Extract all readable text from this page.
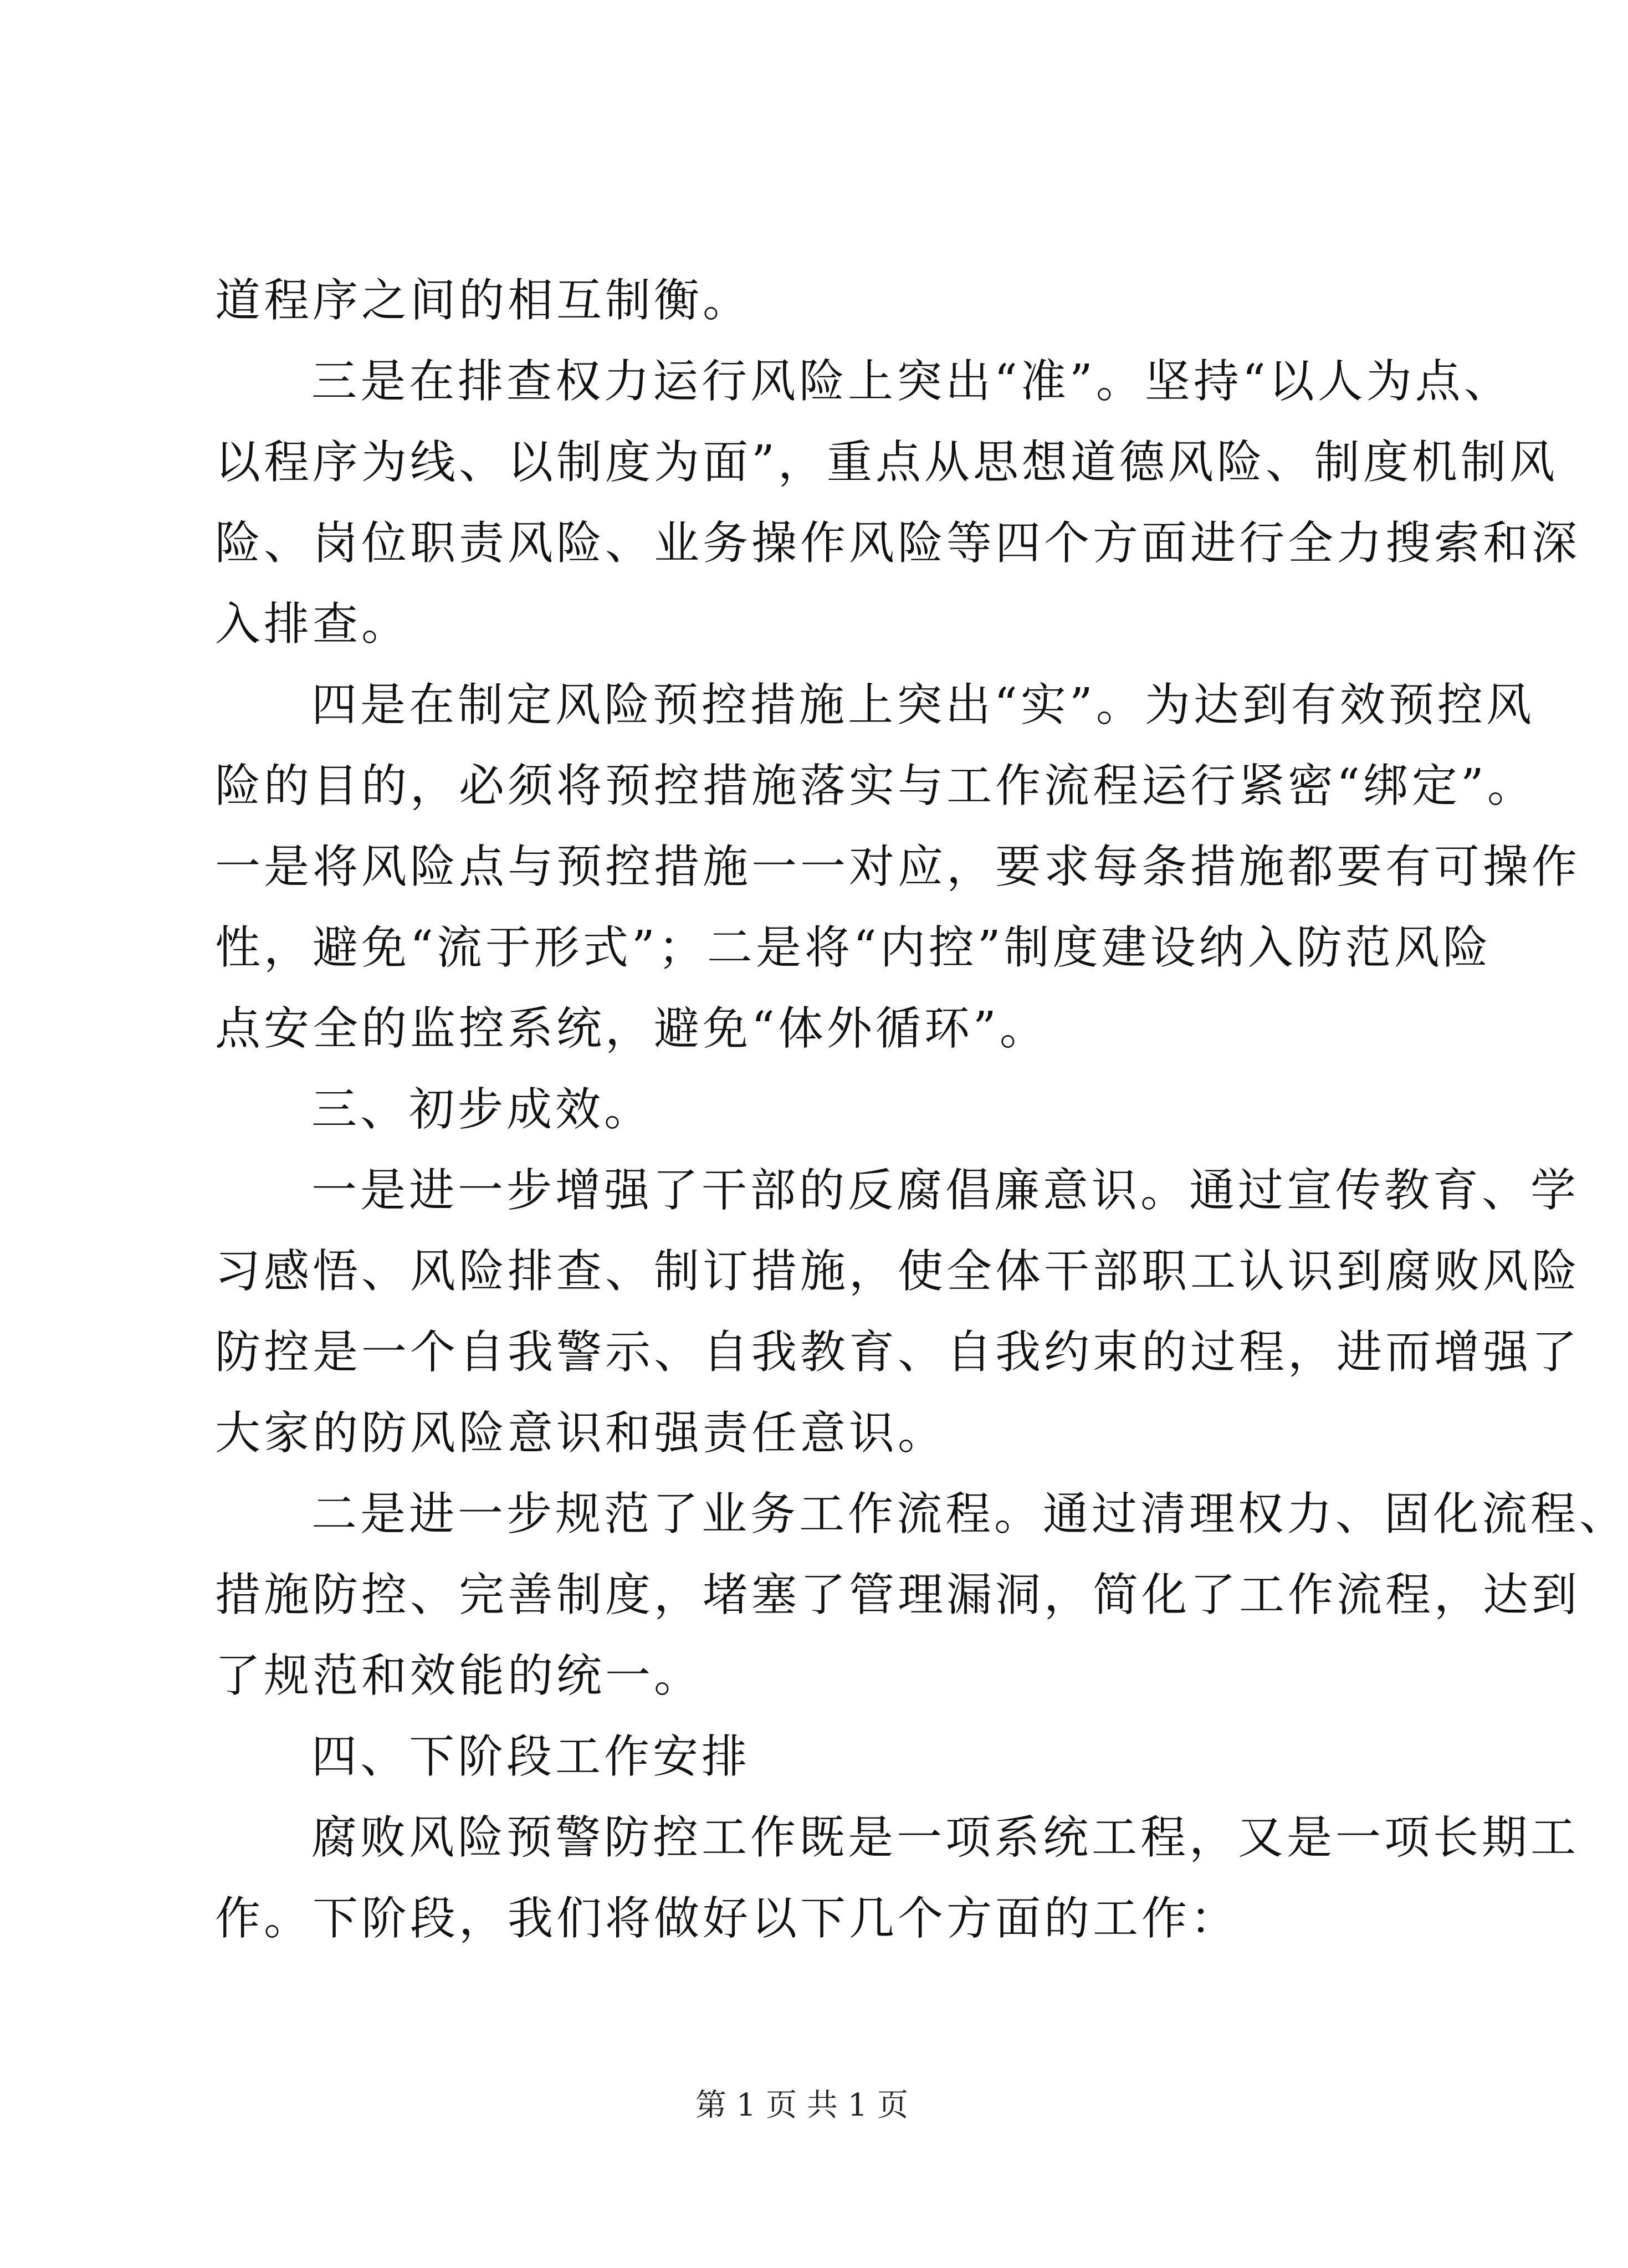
道程序之间的相互制衡。
三是在排查权力运行风险上突出“准”。坚持“以人为点、
以程序为线、以制度为面”，重点从思想道德风险、制度机制风
险、岗位职责风险、业务操作风险等四个方面进行全力搜索和深
入排查。
四是在制定风险预控措施上突出“实”。为达到有效预控风
险的目的，必须将预控措施落实与工作流程运行紧密“绑定”。
一是将风险点与预控措施一一对应，要求每条措施都要有可操作
性，避免“流于形式”；二是将“内控”制度建设纳入防范风险
点安全的监控系统，避免“体外循环”。
三、初步成效。
一是进一步增强了干部的反腐倡廉意识。通过宣传教育、学
习感悟、风险排查、制订措施，使全体干部职工认识到腐败风险
防控是一个自我警示、自我教育、自我约束的过程，进而增强了
大家的防风险意识和强责任意识。
二是进一步规范了业务工作流程。通过清理权力、固化流程、
措施防控、完善制度，堵塞了管理漏洞，简化了工作流程，达到
了规范和效能的统一。
四、下阶段工作安排
腐败风险预警防控工作既是一项系统工程，又是一项长期工
作。下阶段，我们将做好以下几个方面的工作：
第 1 页 共 1 页
